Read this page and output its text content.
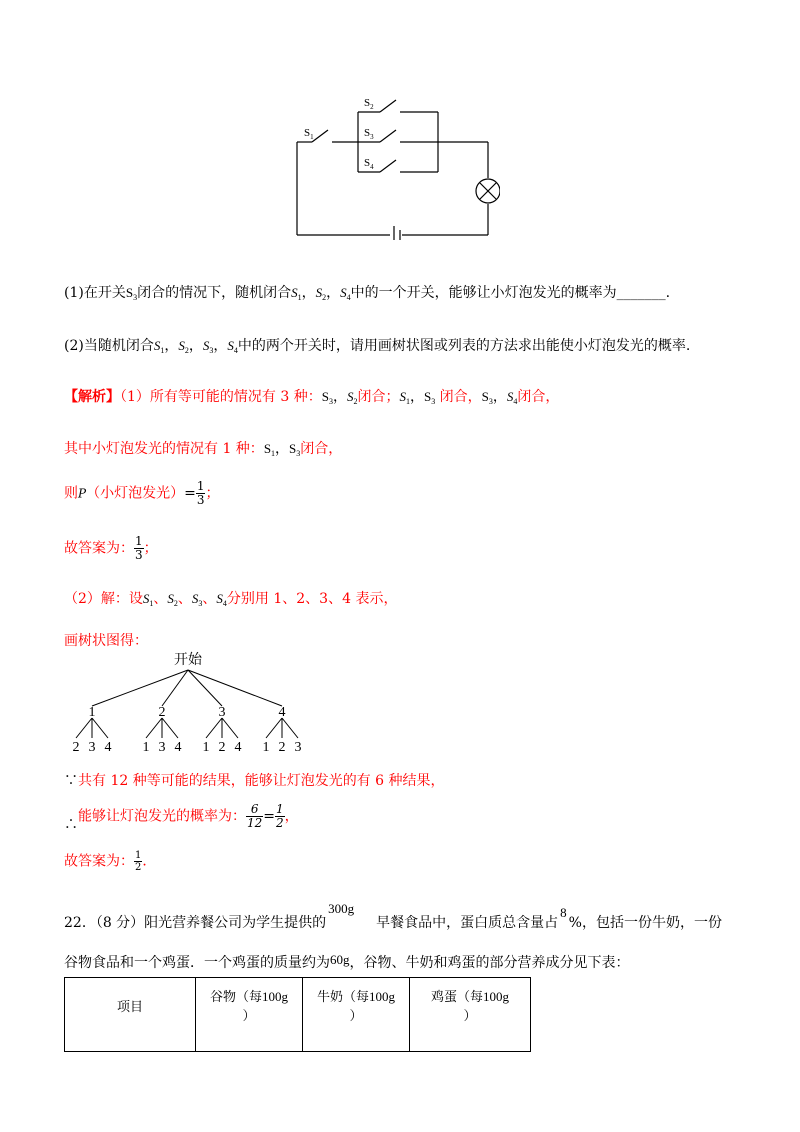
$S_1$
$S_2$
$S_3$
$S_4$
(1)在开关$S_3$闭合的情况下，随机闭合$S_1$，$S_2$，$S_4$中的一个开关，能够让小灯泡发光的概率为_______.
(2)当随机闭合$S_1$，$S_2$，$S_3$，$S_4$中的两个开关时，请用画树状图或列表的方法求出能使小灯泡发光的概率.
【解析】（1）所有等可能的情况有 3 种：$S_3$，$S_2$闭合；$S_1$，$S_3$ 闭合，$S_3$，$S_4$闭合，
其中小灯泡发光的情况有 1 种：$S_1$，$S_3$闭合，
则P（小灯泡发光）= $\frac{1}{3}$ ；
故答案为： $\frac{1}{3}$ ；
（2）解：设$S_1$、$S_2$、$S_3$、$S_4$分别用 1、2、3、4 表示，
画树状图得：
开始
1	2	3	4
2 3 4 1 3 4 1 2 4 1 2 3
∵共有 12 种等可能的结果，能够让灯泡发光的有 6 种结果，
∴能够让灯泡发光的概率为： $\frac{6}{12} = \frac{1}{2}$ ，
故答案为： $\frac{1}{2}$ ．
22．（8 分）阳光营养餐公司为学生提供的300g早餐食品中，蛋白质总含量占8%，包括一份牛奶，一份
谷物食品和一个鸡蛋．一个鸡蛋的质量约为60g，谷物、牛奶和鸡蛋的部分营养成分见下表：
项目	谷物（每100g
）	牛奶（每100g
）	鸡蛋（每100g
）
